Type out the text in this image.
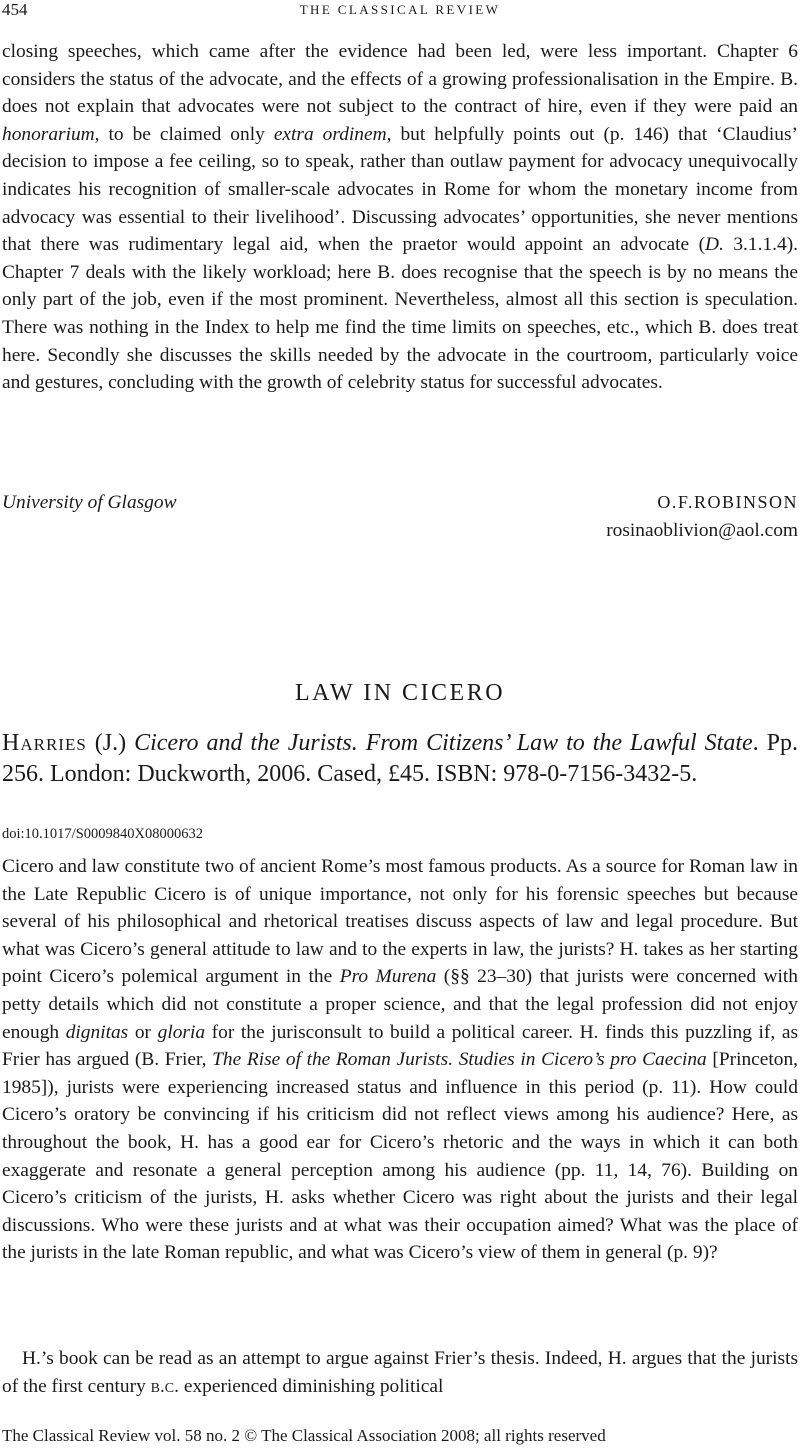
454	THE CLASSICAL REVIEW

closing speeches, which came after the evidence had been led, were less important. Chapter 6 considers the status of the advocate, and the effects of a growing professionalisation in the Empire. B. does not explain that advocates were not subject to the contract of hire, even if they were paid an honorarium, to be claimed only extra ordinem, but helpfully points out (p. 146) that ‘Claudius’ decision to impose a fee ceiling, so to speak, rather than outlaw payment for advocacy unequivocally indicates his recognition of smaller-scale advocates in Rome for whom the monetary income from advocacy was essential to their livelihood’. Discussing advocates’ opportunities, she never mentions that there was rudimentary legal aid, when the praetor would appoint an advocate (D. 3.1.1.4). Chapter 7 deals with the likely workload; here B. does recognise that the speech is by no means the only part of the job, even if the most prominent. Nevertheless, almost all this section is speculation. There was nothing in the Index to help me find the time limits on speeches, etc., which B. does treat here. Secondly she discusses the skills needed by the advocate in the courtroom, particularly voice and gestures, concluding with the growth of celebrity status for successful advocates.

University of Glasgow	O.F.ROBINSON
rosinaoblivion@aol.com
LAW IN CICERO
Harries (J.) Cicero and the Jurists. From Citizens’ Law to the Lawful State. Pp. 256. London: Duckworth, 2006. Cased, £45. ISBN: 978-0-7156-3432-5.
doi:10.1017/S0009840X08000632

Cicero and law constitute two of ancient Rome’s most famous products. As a source for Roman law in the Late Republic Cicero is of unique importance, not only for his forensic speeches but because several of his philosophical and rhetorical treatises discuss aspects of law and legal procedure. But what was Cicero’s general attitude to law and to the experts in law, the jurists? H. takes as her starting point Cicero’s polemical argument in the Pro Murena (§§ 23–30) that jurists were concerned with petty details which did not constitute a proper science, and that the legal profession did not enjoy enough dignitas or gloria for the jurisconsult to build a political career. H. finds this puzzling if, as Frier has argued (B. Frier, The Rise of the Roman Jurists. Studies in Cicero’s pro Caecina [Princeton, 1985]), jurists were experiencing increased status and influence in this period (p. 11). How could Cicero’s oratory be convincing if his criticism did not reflect views among his audience? Here, as throughout the book, H. has a good ear for Cicero’s rhetoric and the ways in which it can both exaggerate and resonate a general perception among his audience (pp. 11, 14, 76). Building on Cicero’s criticism of the jurists, H. asks whether Cicero was right about the jurists and their legal discussions. Who were these jurists and at what was their occupation aimed? What was the place of the jurists in the late Roman republic, and what was Cicero’s view of them in general (p. 9)?

H.’s book can be read as an attempt to argue against Frier’s thesis. Indeed, H. argues that the jurists of the first century b.c. experienced diminishing political

The Classical Review vol. 58 no. 2 © The Classical Association 2008; all rights reserved
